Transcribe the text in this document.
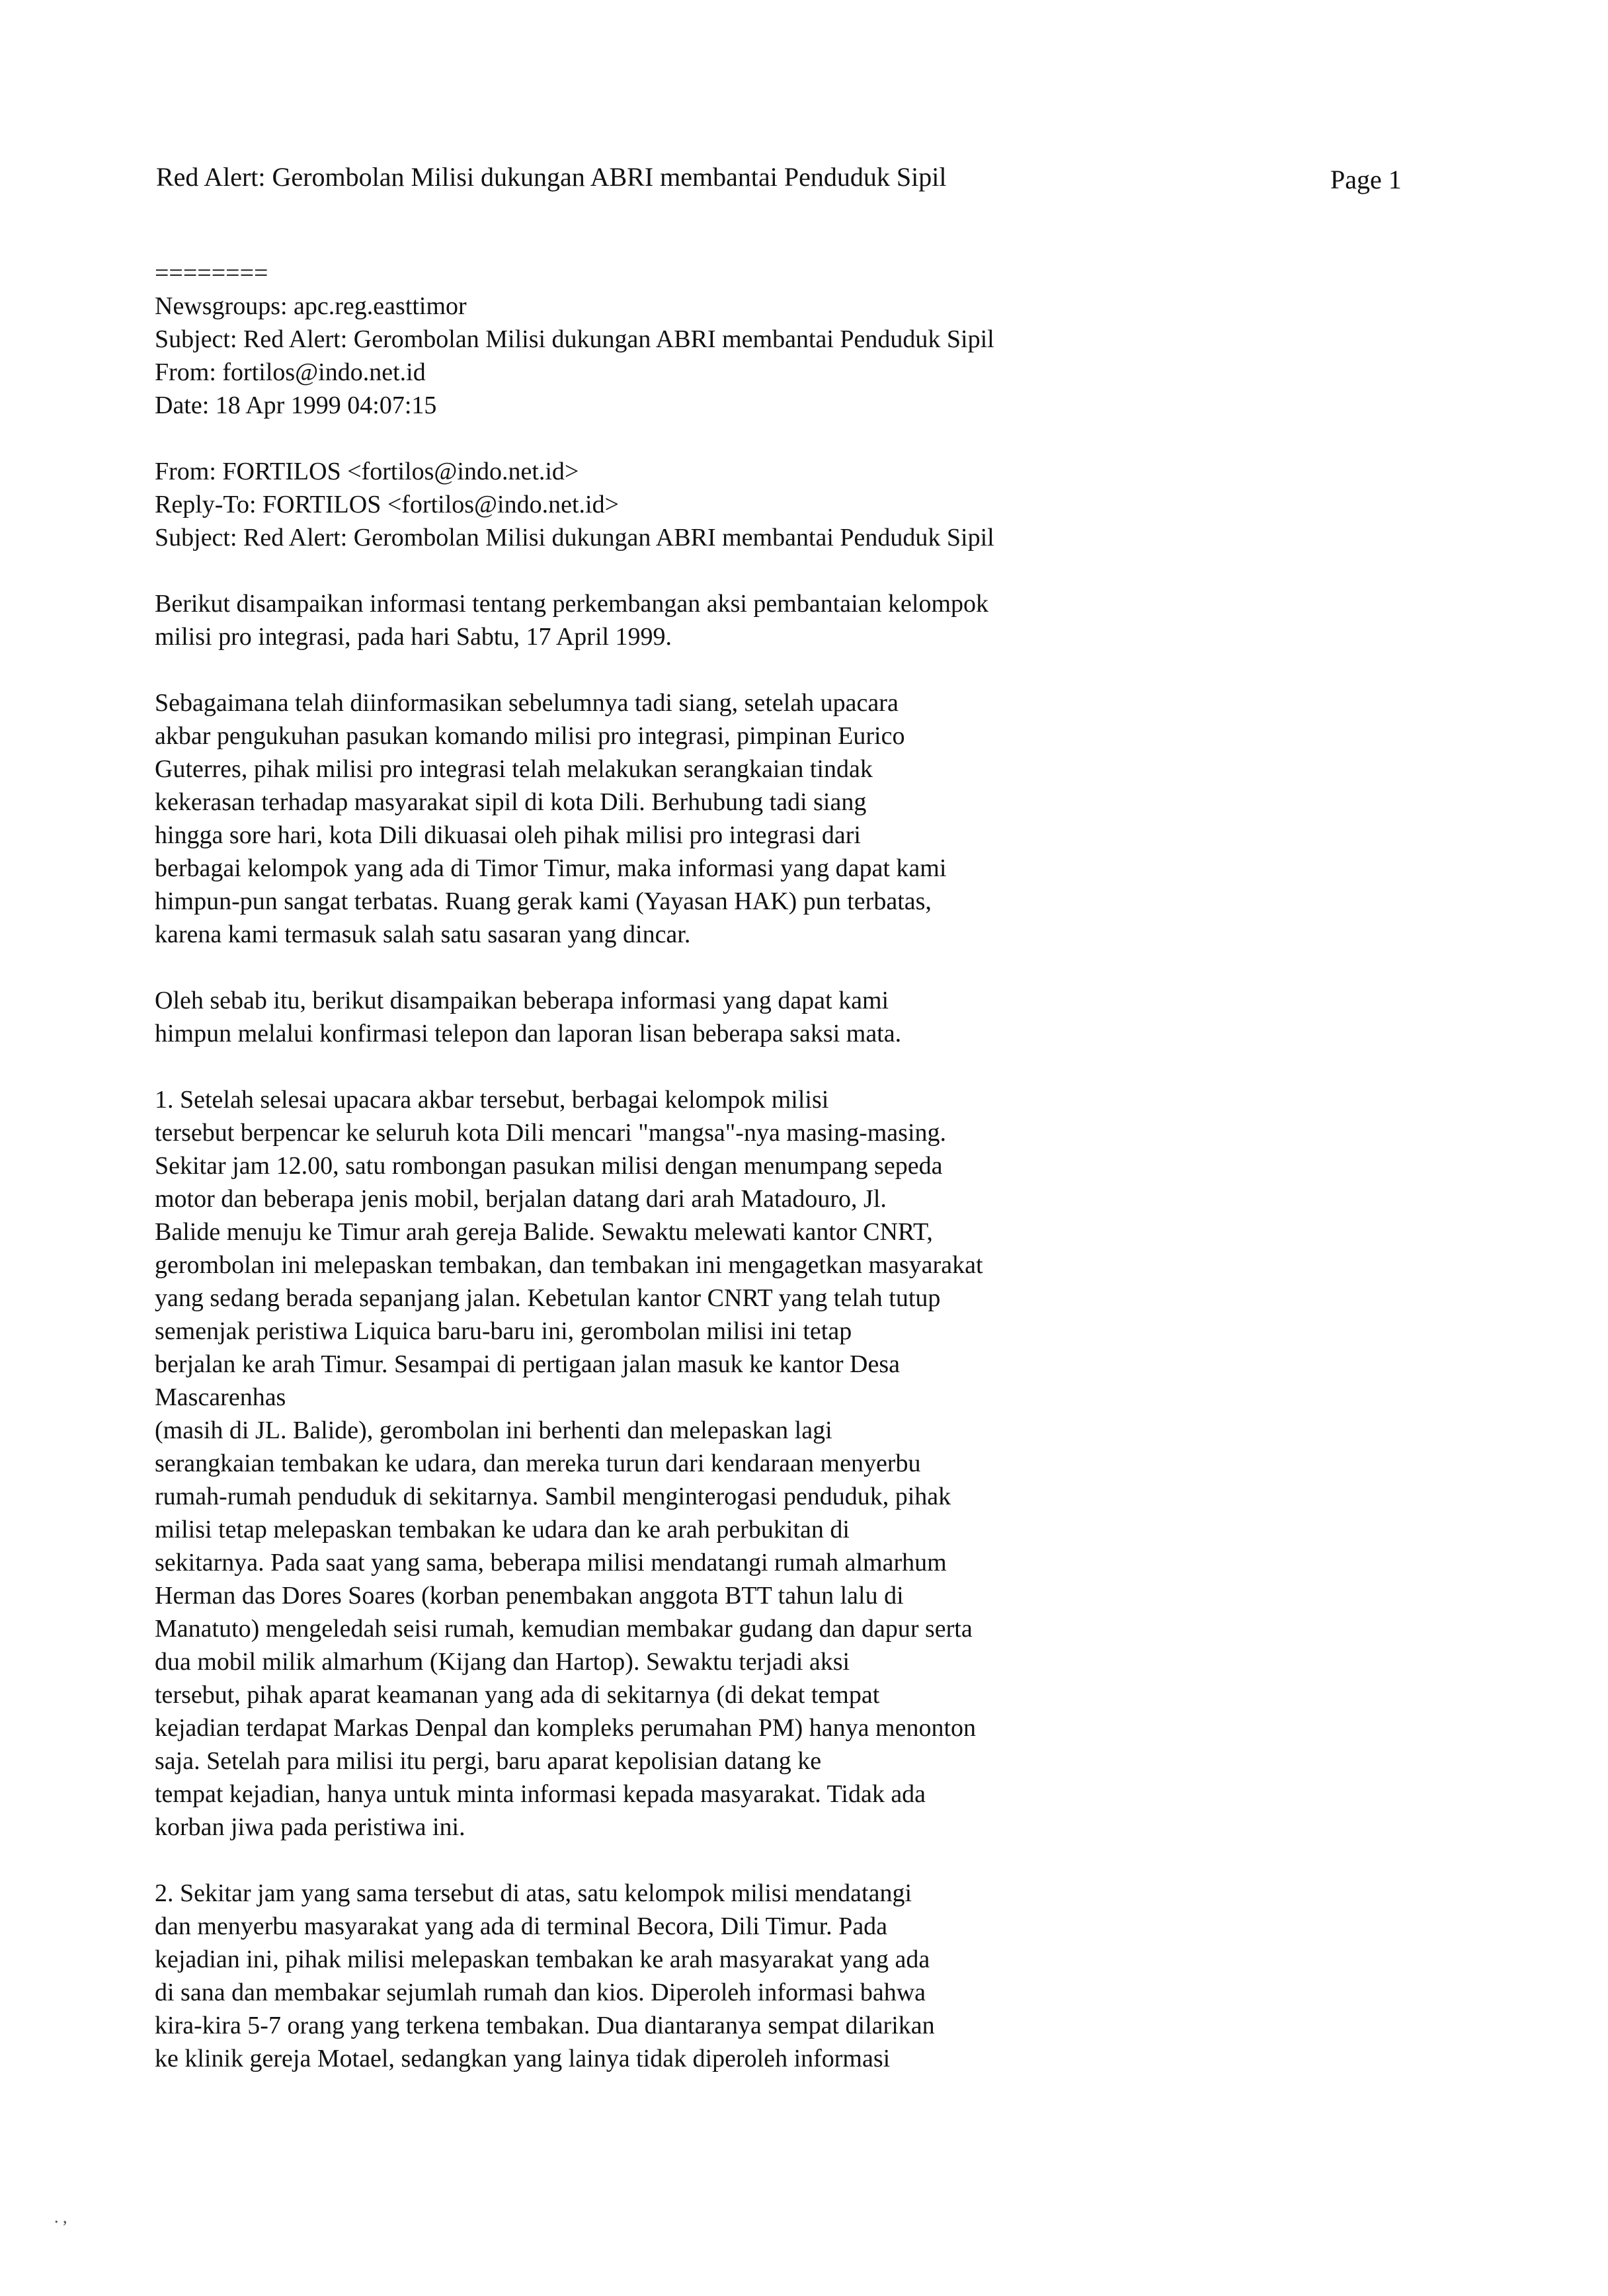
Red Alert: Gerombolan Milisi dukungan ABRI membantai Penduduk Sipil	Page 1
========
Newsgroups: apc.reg.easttimor
Subject: Red Alert: Gerombolan Milisi dukungan ABRI membantai Penduduk Sipil
From: fortilos@indo.net.id
Date: 18 Apr 1999 04:07:15
From: FORTILOS <fortilos@indo.net.id>
Reply-To: FORTILOS <fortilos@indo.net.id>
Subject: Red Alert: Gerombolan Milisi dukungan ABRI membantai Penduduk Sipil
Berikut disampaikan informasi tentang perkembangan aksi pembantaian kelompok
milisi pro integrasi, pada hari Sabtu, 17 April 1999.
Sebagaimana telah diinformasikan sebelumnya tadi siang, setelah upacara
akbar pengukuhan pasukan komando milisi pro integrasi, pimpinan Eurico
Guterres, pihak milisi pro integrasi telah melakukan serangkaian tindak
kekerasan terhadap masyarakat sipil di kota Dili. Berhubung tadi siang
hingga sore hari, kota Dili dikuasai oleh pihak milisi pro integrasi dari
berbagai kelompok yang ada di Timor Timur, maka informasi yang dapat kami
himpun-pun sangat terbatas. Ruang gerak kami (Yayasan HAK) pun terbatas,
karena kami termasuk salah satu sasaran yang dincar.
Oleh sebab itu, berikut disampaikan beberapa informasi yang dapat kami
himpun melalui konfirmasi telepon dan laporan lisan beberapa saksi mata.
1. Setelah selesai upacara akbar tersebut, berbagai kelompok milisi
tersebut berpencar ke seluruh kota Dili mencari "mangsa"-nya masing-masing.
Sekitar jam 12.00, satu rombongan pasukan milisi dengan menumpang sepeda
motor dan beberapa jenis mobil, berjalan datang dari arah Matadouro, Jl.
Balide menuju ke Timur arah gereja Balide. Sewaktu melewati kantor CNRT,
gerombolan ini melepaskan tembakan, dan tembakan ini mengagetkan masyarakat
yang sedang berada sepanjang jalan. Kebetulan kantor CNRT yang telah tutup
semenjak peristiwa Liquica baru-baru ini, gerombolan milisi ini tetap
berjalan ke arah Timur. Sesampai di pertigaan jalan masuk ke kantor Desa
Mascarenhas
(masih di JL. Balide), gerombolan ini berhenti dan melepaskan lagi
serangkaian tembakan ke udara, dan mereka turun dari kendaraan menyerbu
rumah-rumah penduduk di sekitarnya. Sambil menginterogasi penduduk, pihak
milisi tetap melepaskan tembakan ke udara dan ke arah perbukitan di
sekitarnya. Pada saat yang sama, beberapa milisi mendatangi rumah almarhum
Herman das Dores Soares (korban penembakan anggota BTT tahun lalu di
Manatuto) mengeledah seisi rumah, kemudian membakar gudang dan dapur serta
dua mobil milik almarhum (Kijang dan Hartop). Sewaktu terjadi aksi
tersebut, pihak aparat keamanan yang ada di sekitarnya (di dekat tempat
kejadian terdapat Markas Denpal dan kompleks perumahan PM) hanya menonton
saja. Setelah para milisi itu pergi, baru aparat kepolisian datang ke
tempat kejadian, hanya untuk minta informasi kepada masyarakat. Tidak ada
korban jiwa pada peristiwa ini.
2. Sekitar jam yang sama tersebut di atas, satu kelompok milisi mendatangi
dan menyerbu masyarakat yang ada di terminal Becora, Dili Timur. Pada
kejadian ini, pihak milisi melepaskan tembakan ke arah masyarakat yang ada
di sana dan membakar sejumlah rumah dan kios. Diperoleh informasi bahwa
kira-kira 5-7 orang yang terkena tembakan. Dua diantaranya sempat dilarikan
ke klinik gereja Motael, sedangkan yang lainya tidak diperoleh informasi
. ,
